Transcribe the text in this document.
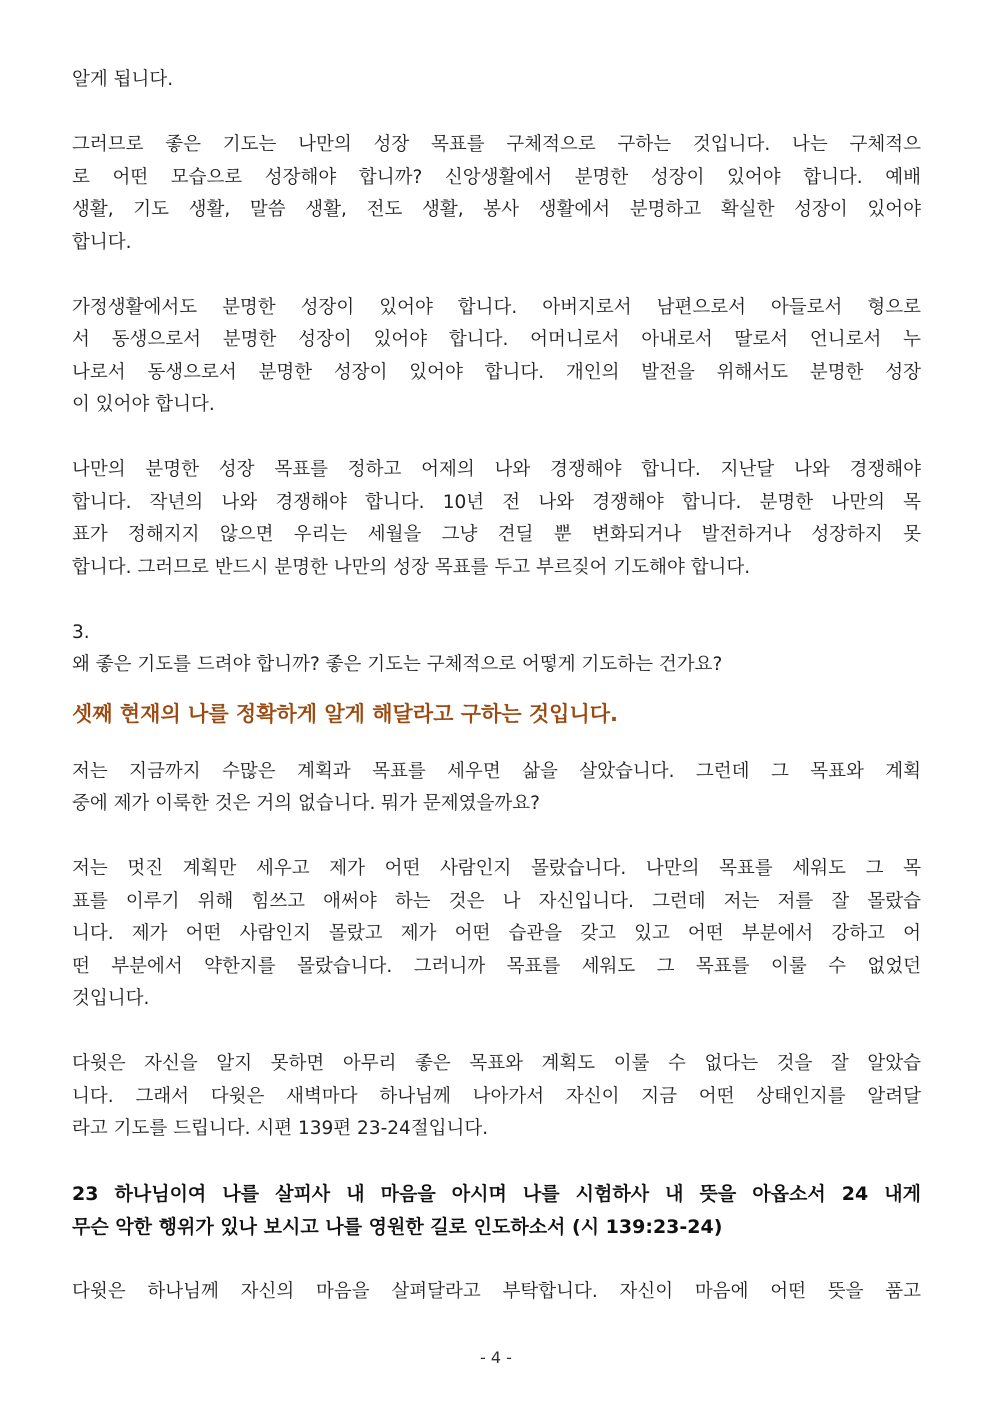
알게 됩니다.
그러므로 좋은 기도는 나만의 성장 목표를 구체적으로 구하는 것입니다. 나는 구체적으
로 어떤 모습으로 성장해야 합니까? 신앙생활에서 분명한 성장이 있어야 합니다. 예배
생활, 기도 생활, 말씀 생활, 전도 생활, 봉사 생활에서 분명하고 확실한 성장이 있어야
합니다.
가정생활에서도 분명한 성장이 있어야 합니다. 아버지로서 남편으로서 아들로서 형으로
서 동생으로서 분명한 성장이 있어야 합니다. 어머니로서 아내로서 딸로서 언니로서 누
나로서 동생으로서 분명한 성장이 있어야 합니다. 개인의 발전을 위해서도 분명한 성장
이 있어야 합니다.
나만의 분명한 성장 목표를 정하고 어제의 나와 경쟁해야 합니다. 지난달 나와 경쟁해야
합니다. 작년의 나와 경쟁해야 합니다. 10년 전 나와 경쟁해야 합니다. 분명한 나만의 목
표가 정해지지 않으면 우리는 세월을 그냥 견딜 뿐 변화되거나 발전하거나 성장하지 못
합니다. 그러므로 반드시 분명한 나만의 성장 목표를 두고 부르짖어 기도해야 합니다.
3.
왜 좋은 기도를 드려야 합니까? 좋은 기도는 구체적으로 어떻게 기도하는 건가요?
셋째 현재의 나를 정확하게 알게 해달라고 구하는 것입니다.
저는 지금까지 수많은 계획과 목표를 세우면 삶을 살았습니다. 그런데 그 목표와 계획
중에 제가 이룩한 것은 거의 없습니다. 뭐가 문제였을까요?
저는 멋진 계획만 세우고 제가 어떤 사람인지 몰랐습니다. 나만의 목표를 세워도 그 목
표를 이루기 위해 힘쓰고 애써야 하는 것은 나 자신입니다. 그런데 저는 저를 잘 몰랐습
니다. 제가 어떤 사람인지 몰랐고 제가 어떤 습관을 갖고 있고 어떤 부분에서 강하고 어
떤 부분에서 약한지를 몰랐습니다. 그러니까 목표를 세워도 그 목표를 이룰 수 없었던
것입니다.
다윗은 자신을 알지 못하면 아무리 좋은 목표와 계획도 이룰 수 없다는 것을 잘 알았습
니다. 그래서 다윗은 새벽마다 하나님께 나아가서 자신이 지금 어떤 상태인지를 알려달
라고 기도를 드립니다. 시편 139편 23-24절입니다.
23 하나님이여 나를 살피사 내 마음을 아시며 나를 시험하사 내 뜻을 아옵소서 24 내게
무슨 악한 행위가 있나 보시고 나를 영원한 길로 인도하소서 (시 139:23-24)
다윗은 하나님께 자신의 마음을 살펴달라고 부탁합니다. 자신이 마음에 어떤 뜻을 품고
- 4 -
